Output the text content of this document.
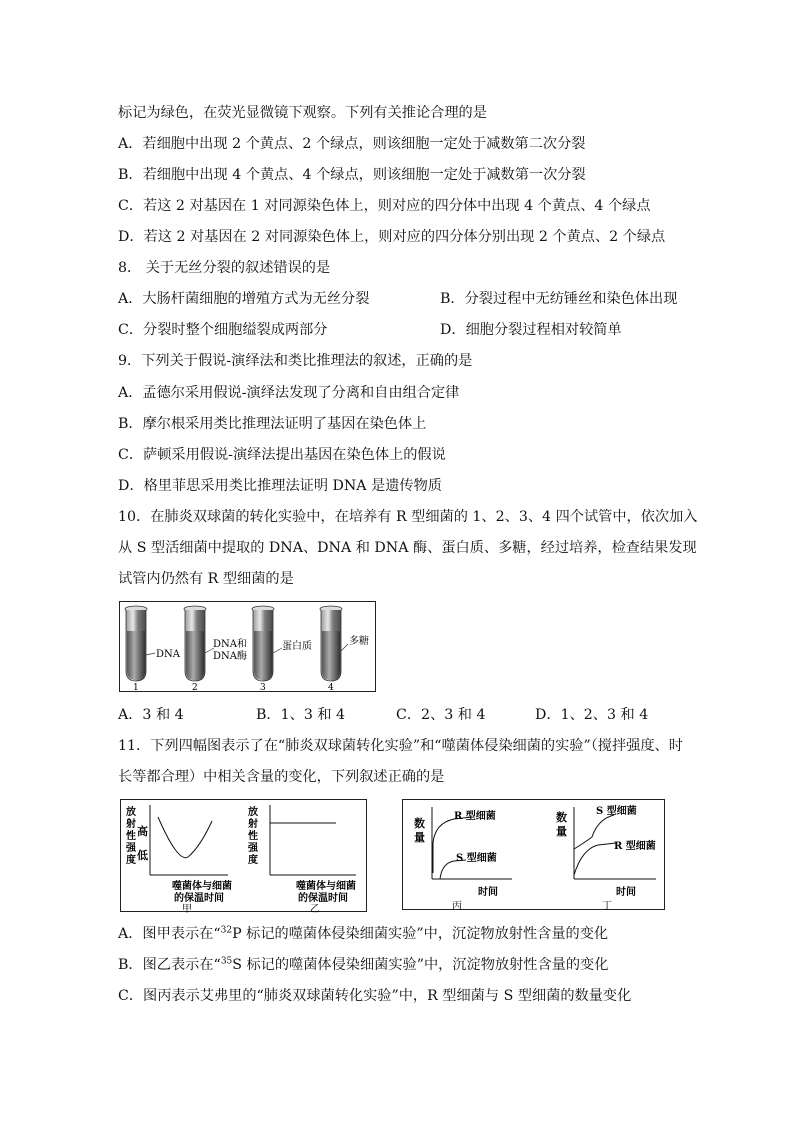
标记为绿色，在荧光显微镜下观察。下列有关推论合理的是
A．若细胞中出现 2 个黄点、2 个绿点，则该细胞一定处于减数第二次分裂
B．若细胞中出现 4 个黄点、4 个绿点，则该细胞一定处于减数第一次分裂
C．若这 2 对基因在 1 对同源染色体上，则对应的四分体中出现 4 个黄点、4 个绿点
D．若这 2 对基因在 2 对同源染色体上，则对应的四分体分别出现 2 个黄点、2 个绿点
8． 关于无丝分裂的叙述错误的是
A．大肠杆菌细胞的增殖方式为无丝分裂	B．分裂过程中无纺锤丝和染色体出现
C．分裂时整个细胞缢裂成两部分	D．细胞分裂过程相对较简单
9．下列关于假说-演绎法和类比推理法的叙述，正确的是
A．孟德尔采用假说-演绎法发现了分离和自由组合定律
B．摩尔根采用类比推理法证明了基因在染色体上
C．萨顿采用假说-演绎法提出基因在染色体上的假说
D．格里菲思采用类比推理法证明 DNA 是遗传物质
10．在肺炎双球菌的转化实验中，在培养有 R 型细菌的 1、2、3、4 四个试管中，依次加入
从 S 型活细菌中提取的 DNA、DNA 和 DNA 酶、蛋白质、多糖，经过培养，检查结果发现
试管内仍然有 R 型细菌的是
DNA
DNA和
DNA酶
蛋白质	多糖
1	2	3	4
A．3 和 4	B．1、3 和 4	C．2、3 和 4	D．1、2、3 和 4
11．下列四幅图表示了在“肺炎双球菌转化实验”和“噬菌体侵染细菌的实验”（搅拌强度、时
长等都合理）中相关含量的变化，下列叙述正确的是
放
射
性
强
度
高
低
噬菌体与细菌
的保温时间
甲
放
射
性
强
度
噬菌体与细菌
的保温时间
乙
数
量
R 型细菌
S 型细菌
时间
丙
数
量
S 型细菌
R 型细菌
时间
丁
A．图甲表示在“$^{32}$P 标记的噬菌体侵染细菌实验”中，沉淀物放射性含量的变化
B．图乙表示在“$^{35}$S 标记的噬菌体侵染细菌实验”中，沉淀物放射性含量的变化
C．图丙表示艾弗里的“肺炎双球菌转化实验”中，R 型细菌与 S 型细菌的数量变化
